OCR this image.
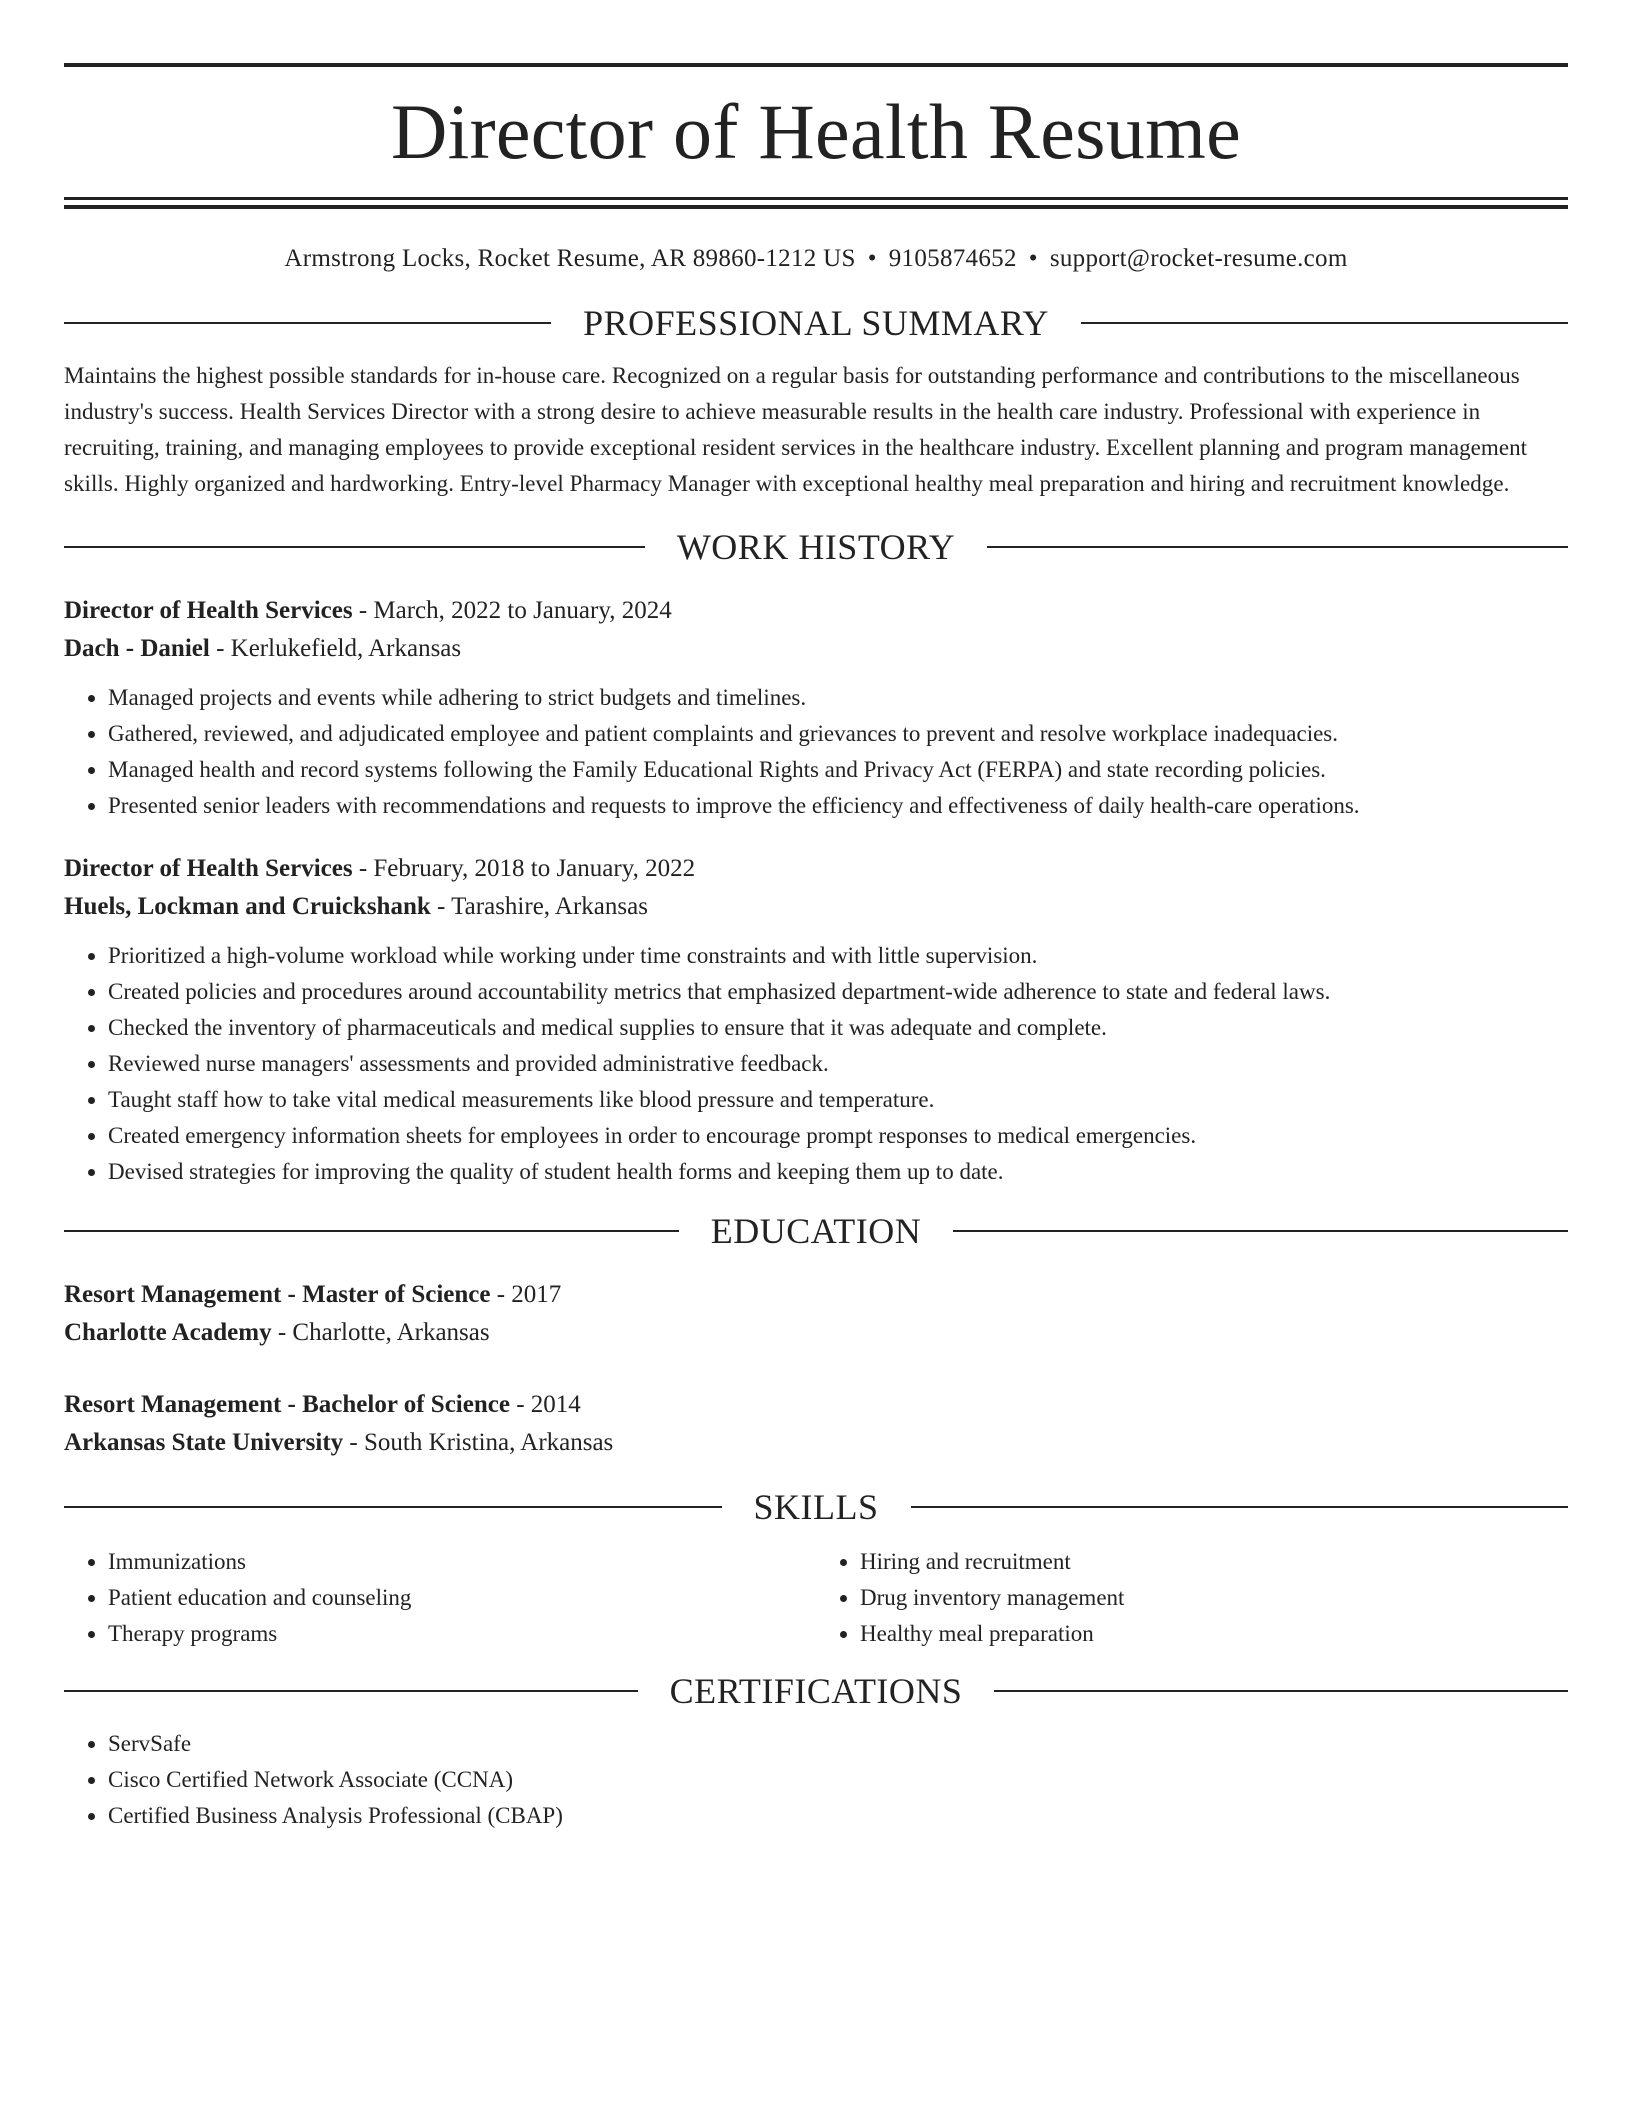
Director of Health Resume
Armstrong Locks, Rocket Resume, AR 89860-1212 US • 9105874652 • support@rocket-resume.com
PROFESSIONAL SUMMARY
Maintains the highest possible standards for in-house care. Recognized on a regular basis for outstanding performance and contributions to the miscellaneous industry's success. Health Services Director with a strong desire to achieve measurable results in the health care industry. Professional with experience in recruiting, training, and managing employees to provide exceptional resident services in the healthcare industry. Excellent planning and program management skills. Highly organized and hardworking. Entry-level Pharmacy Manager with exceptional healthy meal preparation and hiring and recruitment knowledge.
WORK HISTORY
Director of Health Services - March, 2022 to January, 2024
Dach - Daniel - Kerlukefield, Arkansas
• Managed projects and events while adhering to strict budgets and timelines.
• Gathered, reviewed, and adjudicated employee and patient complaints and grievances to prevent and resolve workplace inadequacies.
• Managed health and record systems following the Family Educational Rights and Privacy Act (FERPA) and state recording policies.
• Presented senior leaders with recommendations and requests to improve the efficiency and effectiveness of daily health-care operations.
Director of Health Services - February, 2018 to January, 2022
Huels, Lockman and Cruickshank - Tarashire, Arkansas
• Prioritized a high-volume workload while working under time constraints and with little supervision.
• Created policies and procedures around accountability metrics that emphasized department-wide adherence to state and federal laws.
• Checked the inventory of pharmaceuticals and medical supplies to ensure that it was adequate and complete.
• Reviewed nurse managers' assessments and provided administrative feedback.
• Taught staff how to take vital medical measurements like blood pressure and temperature.
• Created emergency information sheets for employees in order to encourage prompt responses to medical emergencies.
• Devised strategies for improving the quality of student health forms and keeping them up to date.
EDUCATION
Resort Management - Master of Science - 2017
Charlotte Academy - Charlotte, Arkansas
Resort Management - Bachelor of Science - 2014
Arkansas State University - South Kristina, Arkansas
SKILLS
• Immunizations
• Patient education and counseling
• Therapy programs
• Hiring and recruitment
• Drug inventory management
• Healthy meal preparation
CERTIFICATIONS
• ServSafe
• Cisco Certified Network Associate (CCNA)
• Certified Business Analysis Professional (CBAP)
